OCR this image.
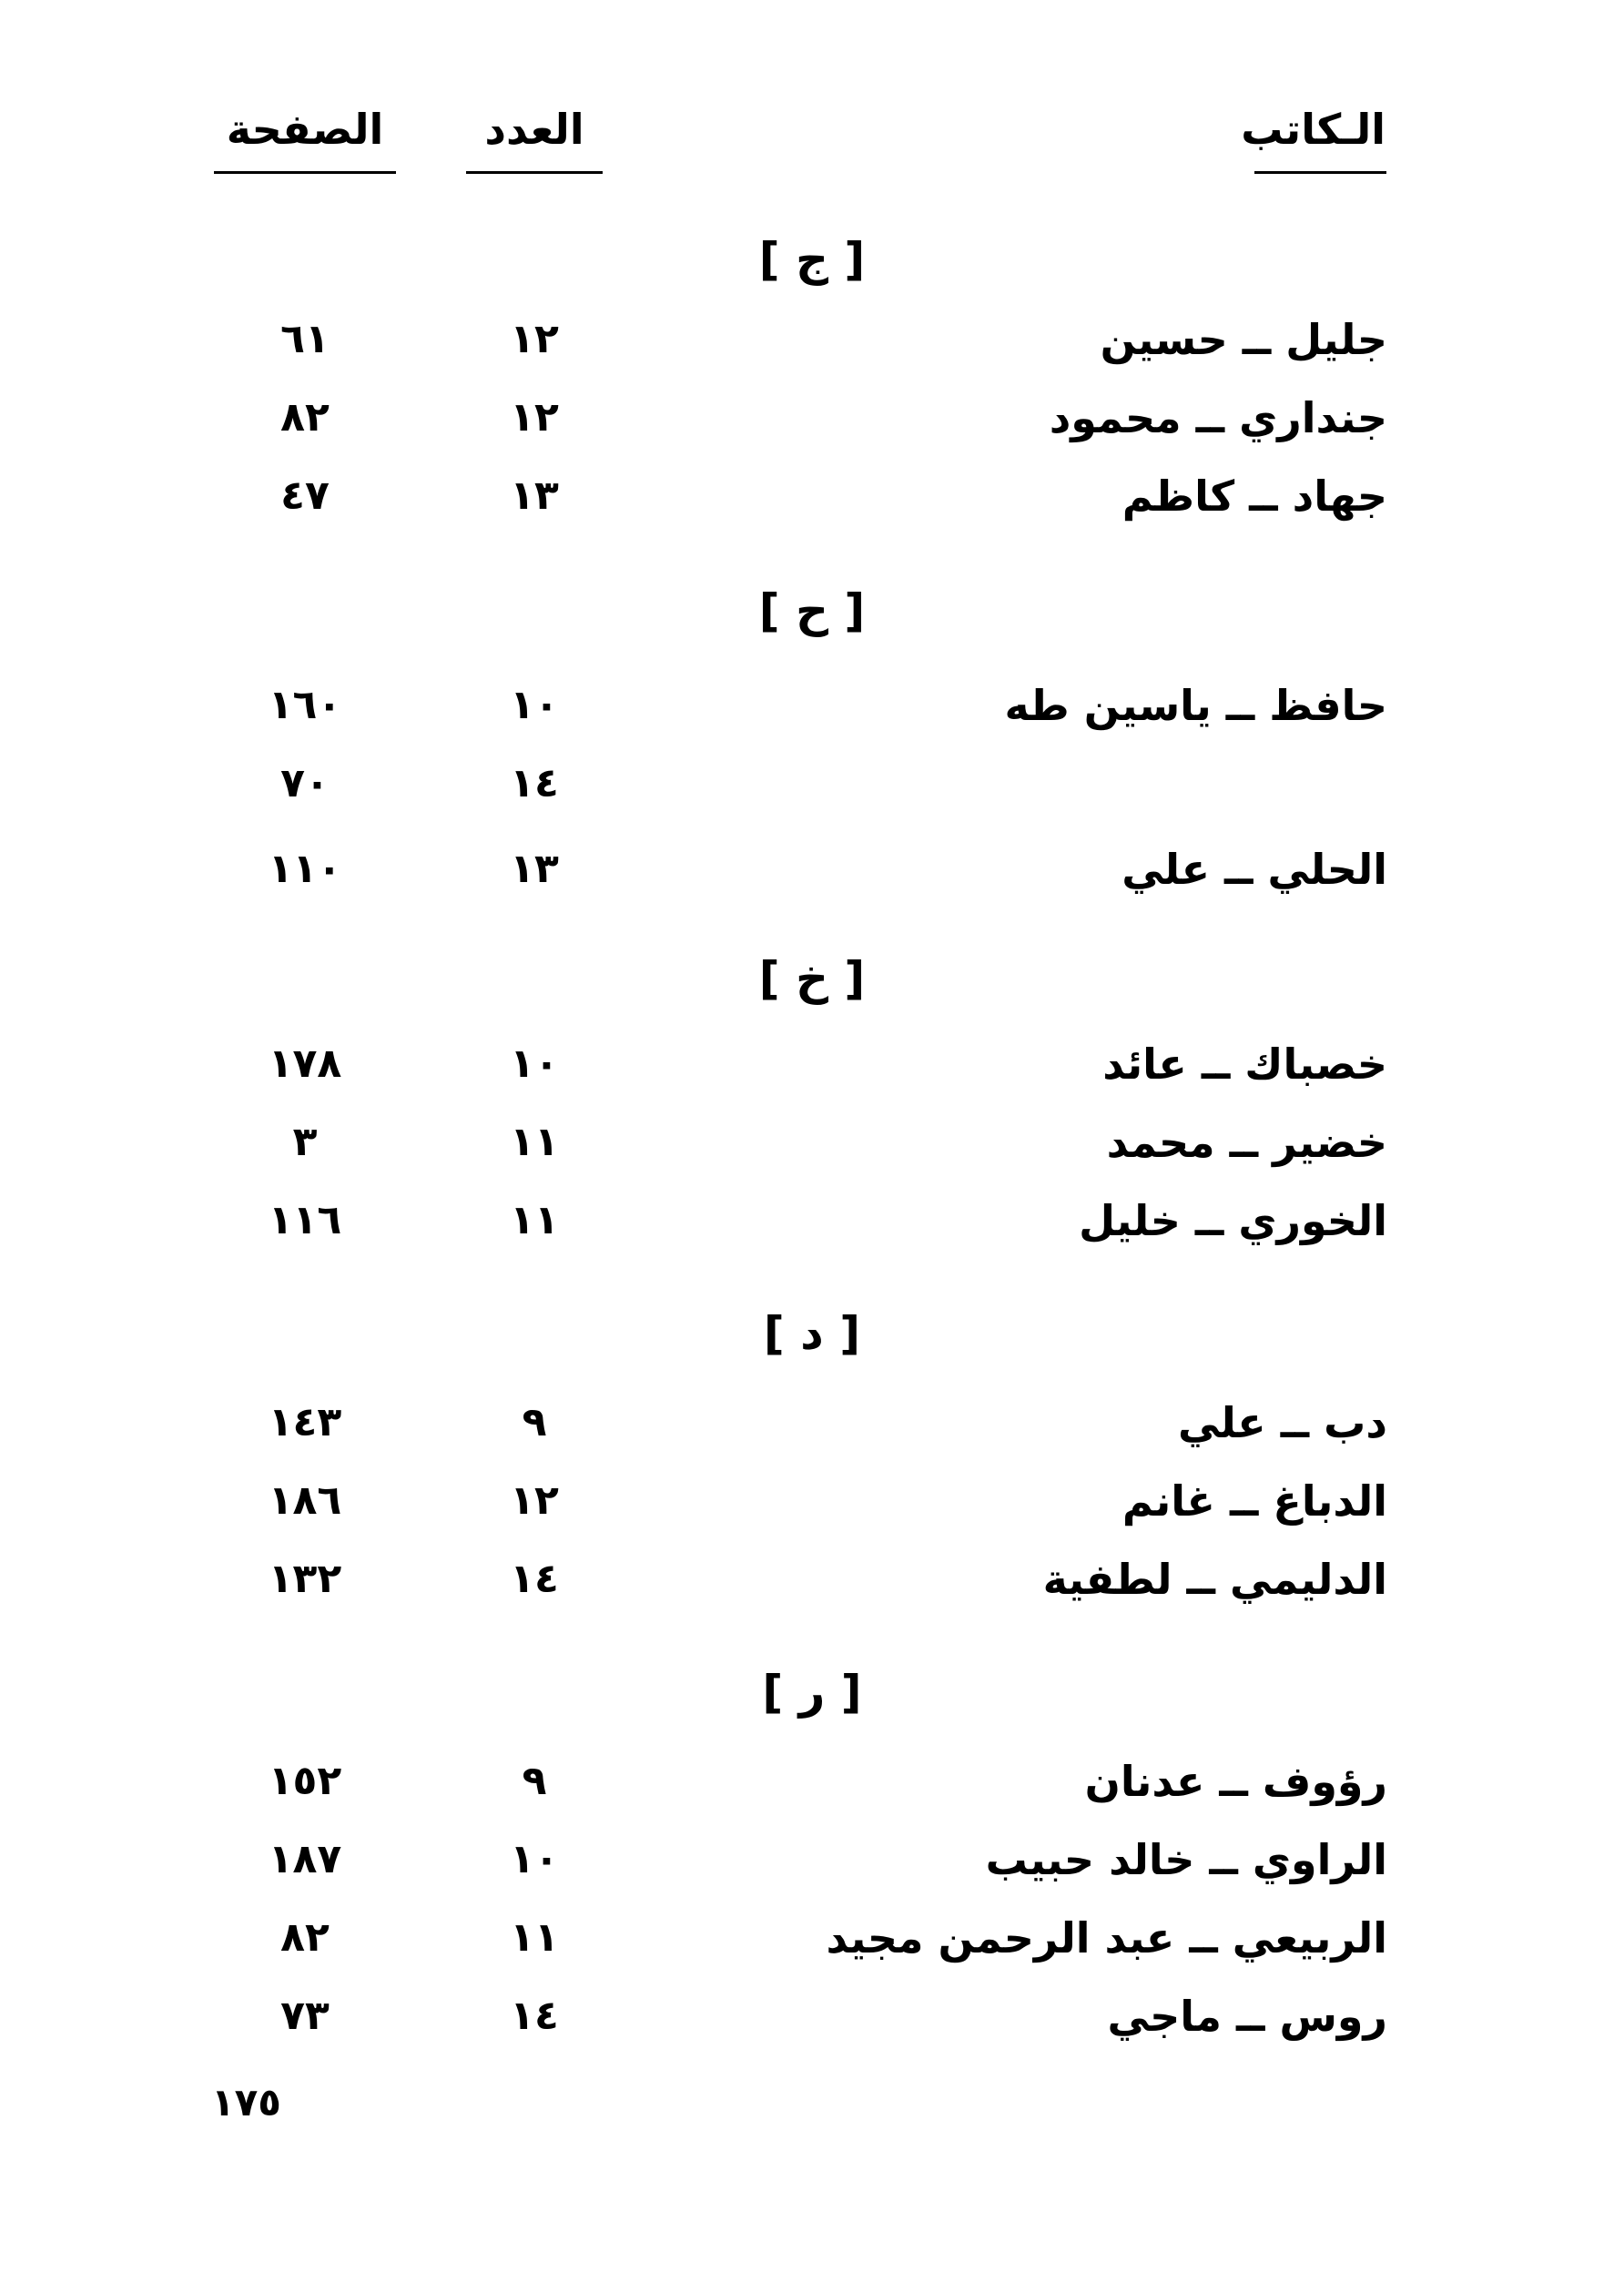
الـكاتب
العدد
الصفحة
[ ج ]
جليل ــ حسين
١٢
٦١
جنداري ــ محمود
١٢
٨٢
جهاد ــ كاظم
١٣
٤٧
[ ح ]
حافظ ــ ياسين طه
١٠
١٦٠
١٤
٧٠
الحلي ــ علي
١٣
١١٠
[ خ ]
خصباك ــ عائد
١٠
١٧٨
خضير ــ محمد
١١
٣
الخوري ــ خليل
١١
١١٦
[ د ]
دب ــ علي
٩
١٤٣
الدباغ ــ غانم
١٢
١٨٦
الدليمي ــ لطفية
١٤
١٣٢
[ ر ]
رؤوف ــ عدنان
٩
١٥٢
الراوي ــ خالد حبيب
١٠
١٨٧
الربيعي ــ عبد الرحمن مجيد
١١
٨٢
روس ــ ماجي
١٤
٧٣
١٧٥
